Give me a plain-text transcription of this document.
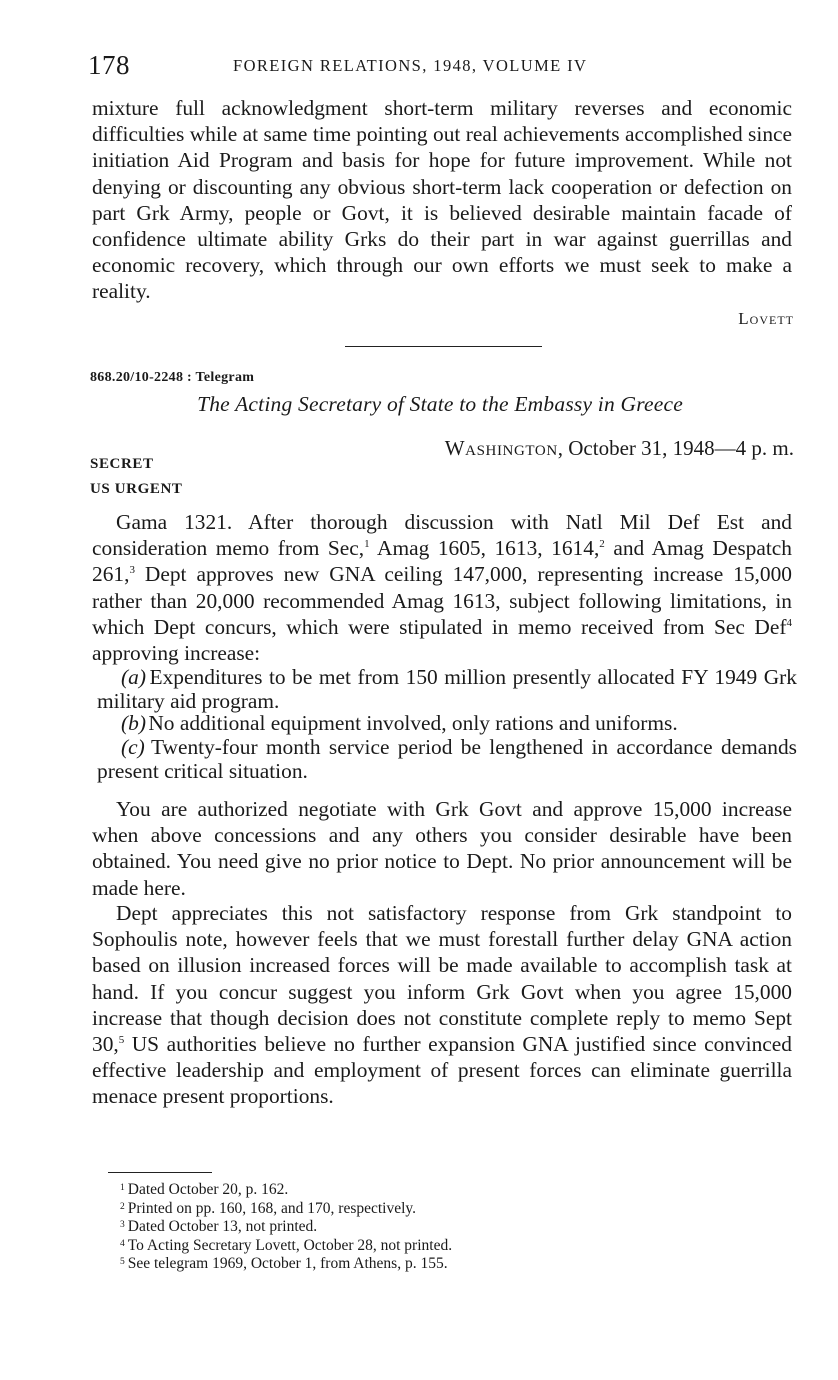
178	FOREIGN RELATIONS, 1948, VOLUME IV

mixture full acknowledgment short-term military reverses and economic difficulties while at same time pointing out real achievements accomplished since initiation Aid Program and basis for hope for future improvement. While not denying or discounting any obvious short-term lack cooperation or defection on part Grk Army, people or Govt, it is believed desirable maintain facade of confidence ultimate ability Grks do their part in war against guerrillas and economic recovery, which through our own efforts we must seek to make a reality.

Lovett
868.20/10-2248 : Telegram
The Acting Secretary of State to the Embassy in Greece
SECRET
Washington, October 31, 1948—4 p. m.
US URGENT

Gama 1321. After thorough discussion with Natl Mil Def Est and consideration memo from Sec,$^1$ Amag 1605, 1613, 1614,$^2$ and Amag Despatch 261,$^3$ Dept approves new GNA ceiling 147,000, representing increase 15,000 rather than 20,000 recommended Amag 1613, subject following limitations, in which Dept concurs, which were stipulated in memo received from Sec Def$^4$ approving increase:

(a) Expenditures to be met from 150 million presently allocated FY 1949 Grk military aid program.

(b) No additional equipment involved, only rations and uniforms.

(c) Twenty-four month service period be lengthened in accordance demands present critical situation.

You are authorized negotiate with Grk Govt and approve 15,000 increase when above concessions and any others you consider desirable have been obtained. You need give no prior notice to Dept. No prior announcement will be made here.

Dept appreciates this not satisfactory response from Grk standpoint to Sophoulis note, however feels that we must forestall further delay GNA action based on illusion increased forces will be made available to accomplish task at hand. If you concur suggest you inform Grk Govt when you agree 15,000 increase that though decision does not constitute complete reply to memo Sept 30,$^5$ US authorities believe no further expansion GNA justified since convinced effective leadership and employment of present forces can eliminate guerrilla menace present proportions.

$^1$ Dated October 20, p. 162.
$^2$ Printed on pp. 160, 168, and 170, respectively.
$^3$ Dated October 13, not printed.
$^4$ To Acting Secretary Lovett, October 28, not printed.
$^5$ See telegram 1969, October 1, from Athens, p. 155.
